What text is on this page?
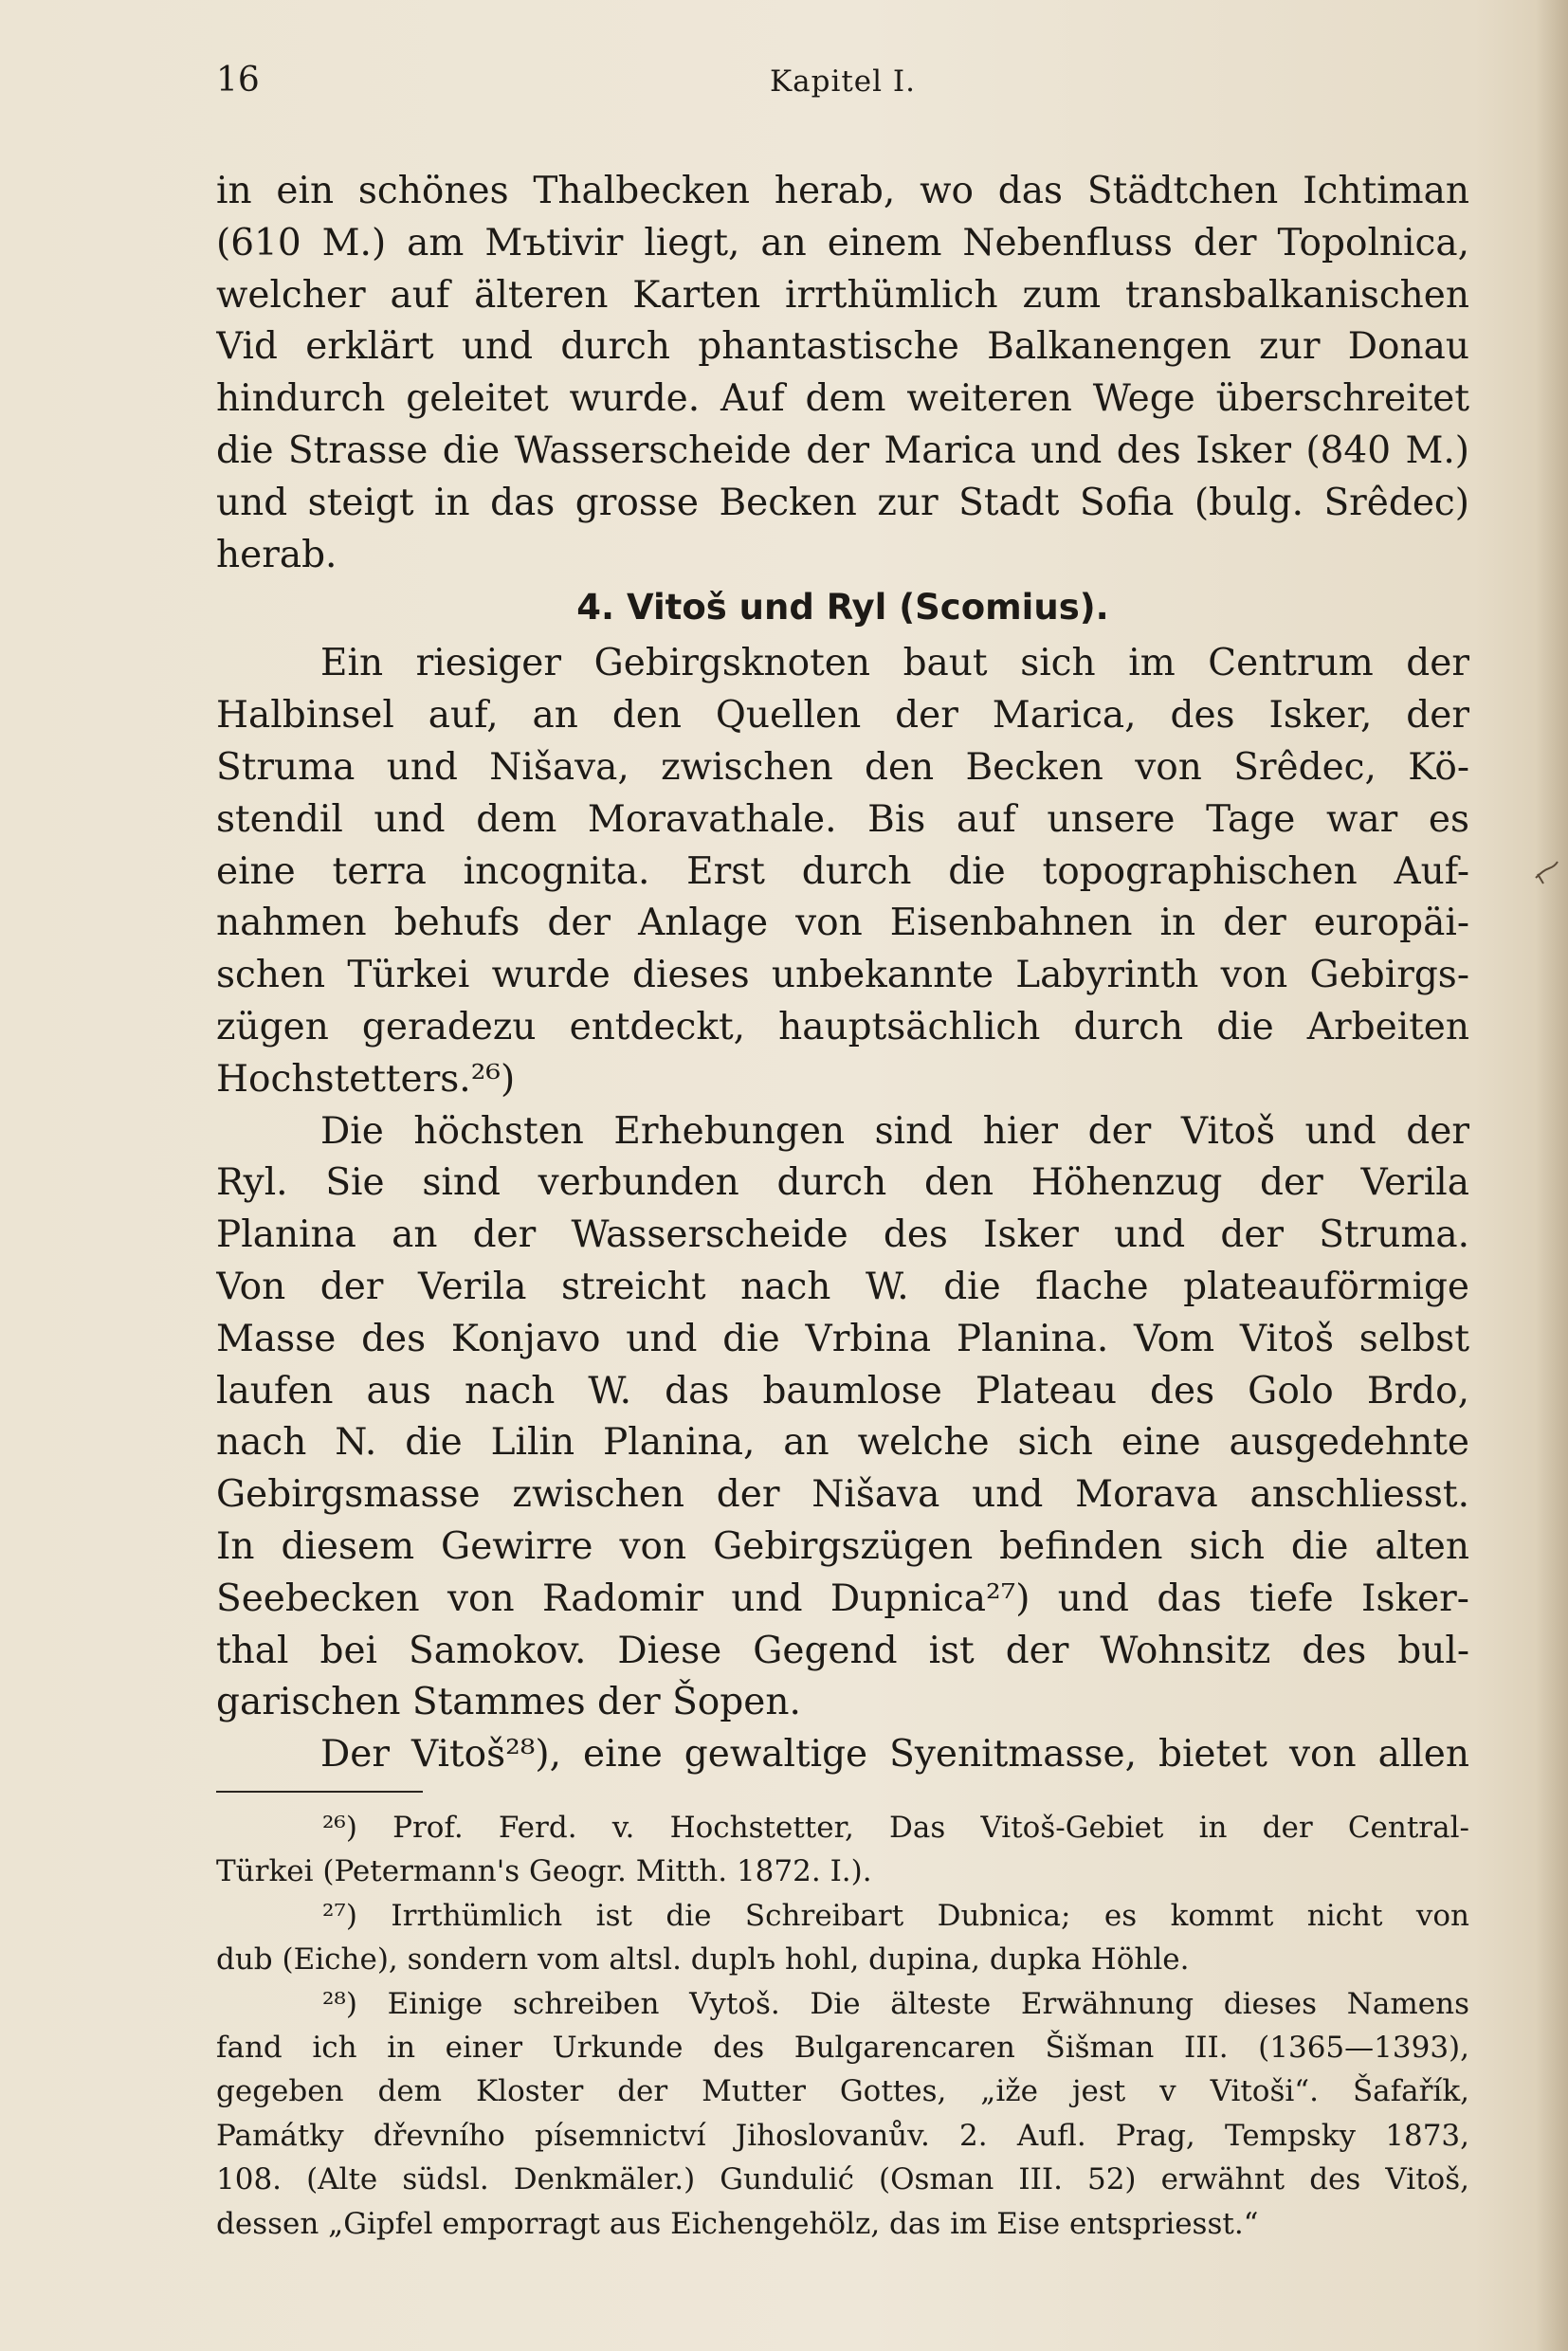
16	Kapitel I.
in ein schönes Thalbecken herab, wo das Städtchen Ichtiman
(610 M.) am Mъtivir liegt, an einem Nebenfluss der Topolnica,
welcher auf älteren Karten irrthümlich zum transbalkanischen
Vid erklärt und durch phantastische Balkanengen zur Donau
hindurch geleitet wurde. Auf dem weiteren Wege überschreitet
die Strasse die Wasserscheide der Marica und des Isker (840 M.)
und steigt in das grosse Becken zur Stadt Sofia (bulg. Srêdec)
herab.
4. Vitoš und Ryl (Scomius).
Ein riesiger Gebirgsknoten baut sich im Centrum der
Halbinsel auf, an den Quellen der Marica, des Isker, der
Struma und Nišava, zwischen den Becken von Srêdec, Kö-
stendil und dem Moravathale. Bis auf unsere Tage war es
eine terra incognita. Erst durch die topographischen Auf-
nahmen behufs der Anlage von Eisenbahnen in der europäi-
schen Türkei wurde dieses unbekannte Labyrinth von Gebirgs-
zügen geradezu entdeckt, hauptsächlich durch die Arbeiten
Hochstetters.²⁶)
Die höchsten Erhebungen sind hier der Vitoš und der
Ryl. Sie sind verbunden durch den Höhenzug der Verila
Planina an der Wasserscheide des Isker und der Struma.
Von der Verila streicht nach W. die flache plateauförmige
Masse des Konjavo und die Vrbina Planina. Vom Vitoš selbst
laufen aus nach W. das baumlose Plateau des Golo Brdo,
nach N. die Lilin Planina, an welche sich eine ausgedehnte
Gebirgsmasse zwischen der Nišava und Morava anschliesst.
In diesem Gewirre von Gebirgszügen befinden sich die alten
Seebecken von Radomir und Dupnica²⁷) und das tiefe Isker-
thal bei Samokov. Diese Gegend ist der Wohnsitz des bul-
garischen Stammes der Šopen.
Der Vitoš²⁸), eine gewaltige Syenitmasse, bietet von allen
²⁶) Prof. Ferd. v. Hochstetter, Das Vitoš-Gebiet in der Central-
Türkei (Petermann's Geogr. Mitth. 1872. I.).
²⁷) Irrthümlich ist die Schreibart Dubnica; es kommt nicht von
dub (Eiche), sondern vom altsl. duplъ hohl, dupina, dupka Höhle.
²⁸) Einige schreiben Vytoš. Die älteste Erwähnung dieses Namens
fand ich in einer Urkunde des Bulgarencaren Šišman III. (1365—1393),
gegeben dem Kloster der Mutter Gottes, „iže jest v Vitoši“. Šafařík,
Památky dřevního písemnictví Jihoslovanův. 2. Aufl. Prag, Tempsky 1873,
108. (Alte südsl. Denkmäler.) Gundulić (Osman III. 52) erwähnt des Vitoš,
dessen „Gipfel emporragt aus Eichengehölz, das im Eise entspriesst.“
